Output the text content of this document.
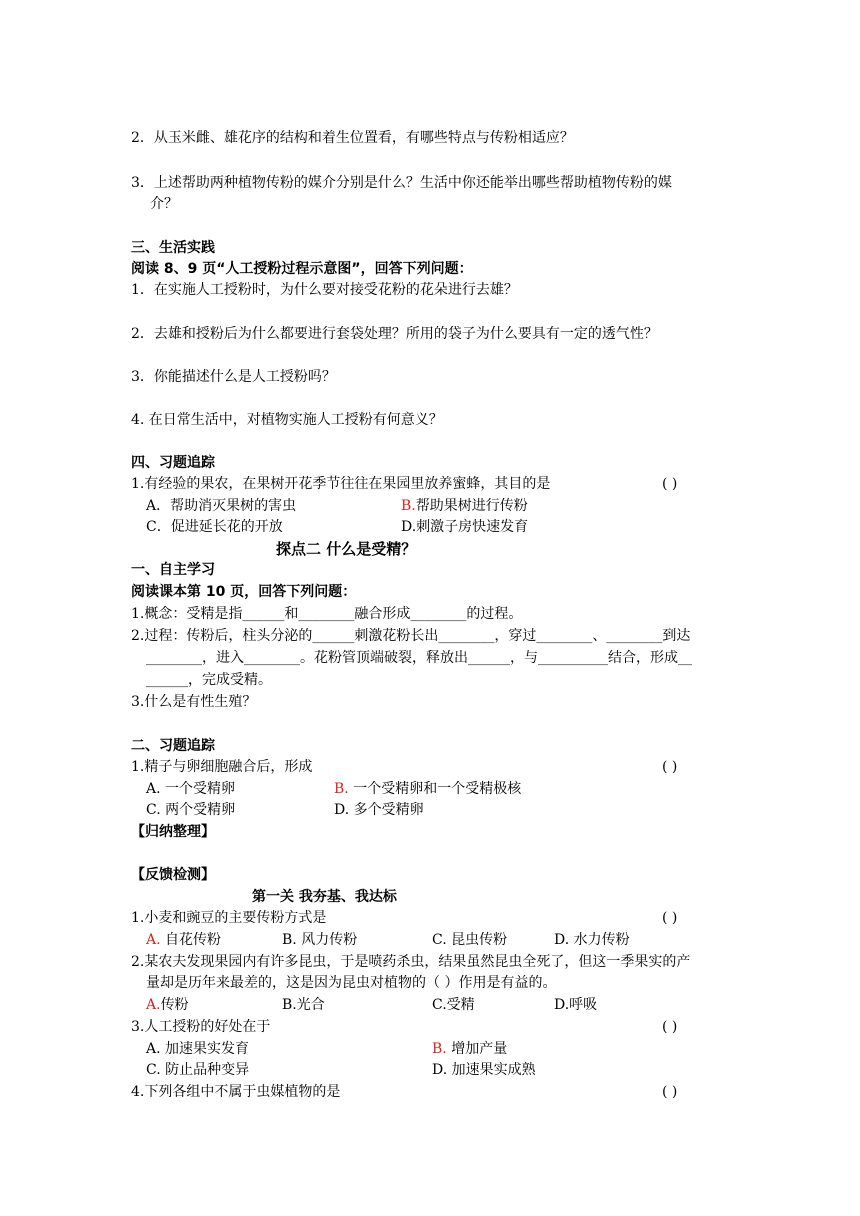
2．从玉米雌、雄花序的结构和着生位置看，有哪些特点与传粉相适应？
3．上述帮助两种植物传粉的媒介分别是什么？生活中你还能举出哪些帮助植物传粉的媒
介？
三、生活实践
阅读 8、9 页“人工授粉过程示意图”，回答下列问题：
1．在实施人工授粉时，为什么要对接受花粉的花朵进行去雄？
2．去雄和授粉后为什么都要进行套袋处理？所用的袋子为什么要具有一定的透气性？
3．你能描述什么是人工授粉吗？
4. 在日常生活中，对植物实施人工授粉有何意义？
四、习题追踪
1.有经验的果农，在果树开花季节往往在果园里放养蜜蜂，其目的是	( )
A．帮助消灭果树的害虫	B.帮助果树进行传粉
C．促进延长花的开放	D.刺激子房快速发育
探点二 什么是受精？
一、自主学习
阅读课本第 10 页，回答下列问题：
1.概念：受精是指______和________融合形成________的过程。
2.过程：传粉后，柱头分泌的______刺激花粉长出________，穿过________、________到达
________，进入________。花粉管顶端破裂，释放出______，与__________结合，形成__
______，完成受精。
3.什么是有性生殖？
二、习题追踪
1.精子与卵细胞融合后，形成	( )
A. 一个受精卵	B. 一个受精卵和一个受精极核
C. 两个受精卵	D. 多个受精卵
【归纳整理】
【反馈检测】
第一关 我夯基、我达标
1.小麦和豌豆的主要传粉方式是	( )
A. 自花传粉	B. 风力传粉	C. 昆虫传粉	D. 水力传粉
2.某农夫发现果园内有许多昆虫，于是喷药杀虫，结果虽然昆虫全死了，但这一季果实的产
量却是历年来最差的，这是因为昆虫对植物的（ ）作用是有益的。
A.传粉	B.光合	C.受精	D.呼吸
3.人工授粉的好处在于	( )
A. 加速果实发育	B. 增加产量
C. 防止品种变异	D. 加速果实成熟
4.下列各组中不属于虫媒植物的是	( )
